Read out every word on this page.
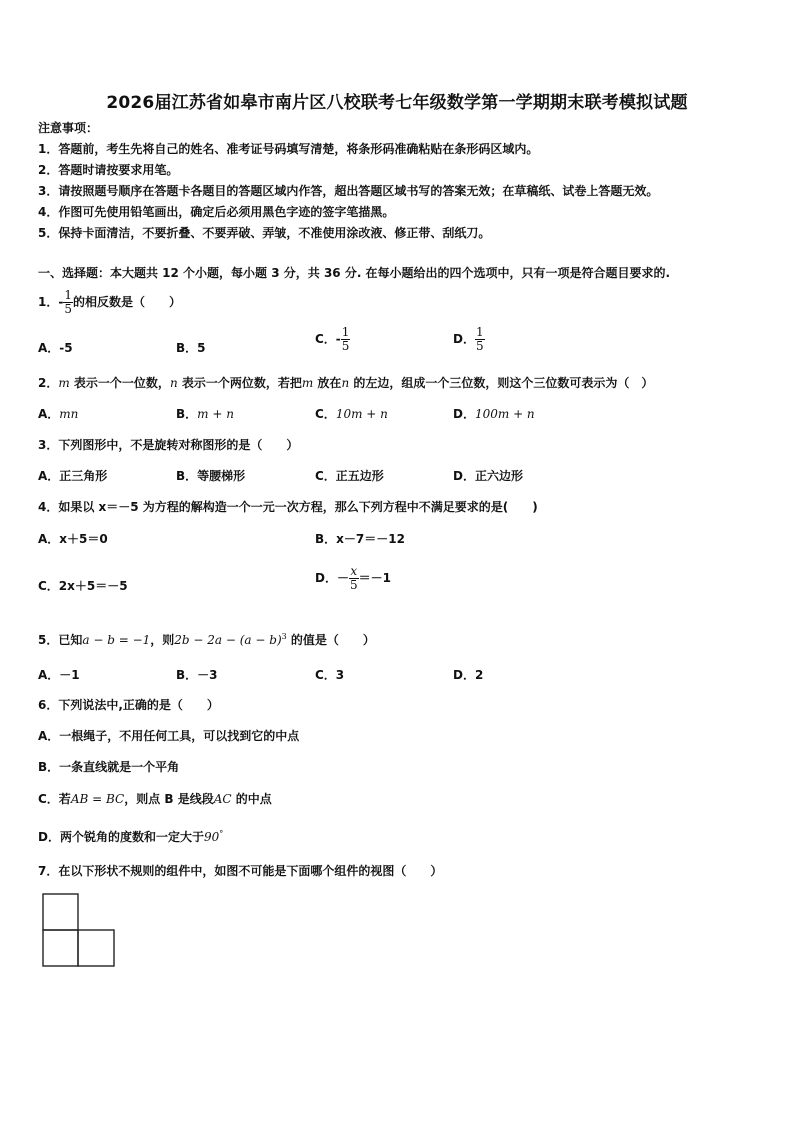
2026届江苏省如皋市南片区八校联考七年级数学第一学期期末联考模拟试题
注意事项：
1．答题前，考生先将自己的姓名、准考证号码填写清楚，将条形码准确粘贴在条形码区域内。
2．答题时请按要求用笔。
3．请按照题号顺序在答题卡各题目的答题区域内作答，超出答题区域书写的答案无效；在草稿纸、试卷上答题无效。
4．作图可先使用铅笔画出，确定后必须用黑色字迹的签字笔描黑。
5．保持卡面清洁，不要折叠、不要弄破、弄皱，不准使用涂改液、修正带、刮纸刀。
一、选择题：本大题共 12 个小题，每小题 3 分，共 36 分. 在每小题给出的四个选项中，只有一项是符合题目要求的.
1．- $\frac{1}{5}$ 的相反数是（　　）
A．-5	B．5
C．- $\frac{1}{5}$	D． $\frac{1}{5}$
2．m 表示一个一位数，n 表示一个两位数，若把m 放在n 的左边，组成一个三位数，则这个三位数可表示为（　）
A．mn	B．m + n	C．10m + n	D．100m + n
3．下列图形中，不是旋转对称图形的是（　　）
A．正三角形	B．等腰梯形	C．正五边形	D．正六边形
4．如果以 x＝－5 为方程的解构造一个一元一次方程，那么下列方程中不满足要求的是(　　)
A．x＋5＝0	B．x－7＝－12
C．2x＋5＝－5
D．－ $\frac{x}{5} =-1$
5．已知a − b = −1，则$2b - 2a - (a - b)^3$ 的值是（　　）
A．－1	B．－3	C．3	D．2
6．下列说法中,正确的是（　　）
A．一根绳子，不用任何工具，可以找到它的中点
B．一条直线就是一个平角
C．若AB = BC，则点 B 是线段AC 的中点
D．两个锐角的度数和一定大于90°
7．在以下形状不规则的组件中，如图不可能是下面哪个组件的视图（　　）
